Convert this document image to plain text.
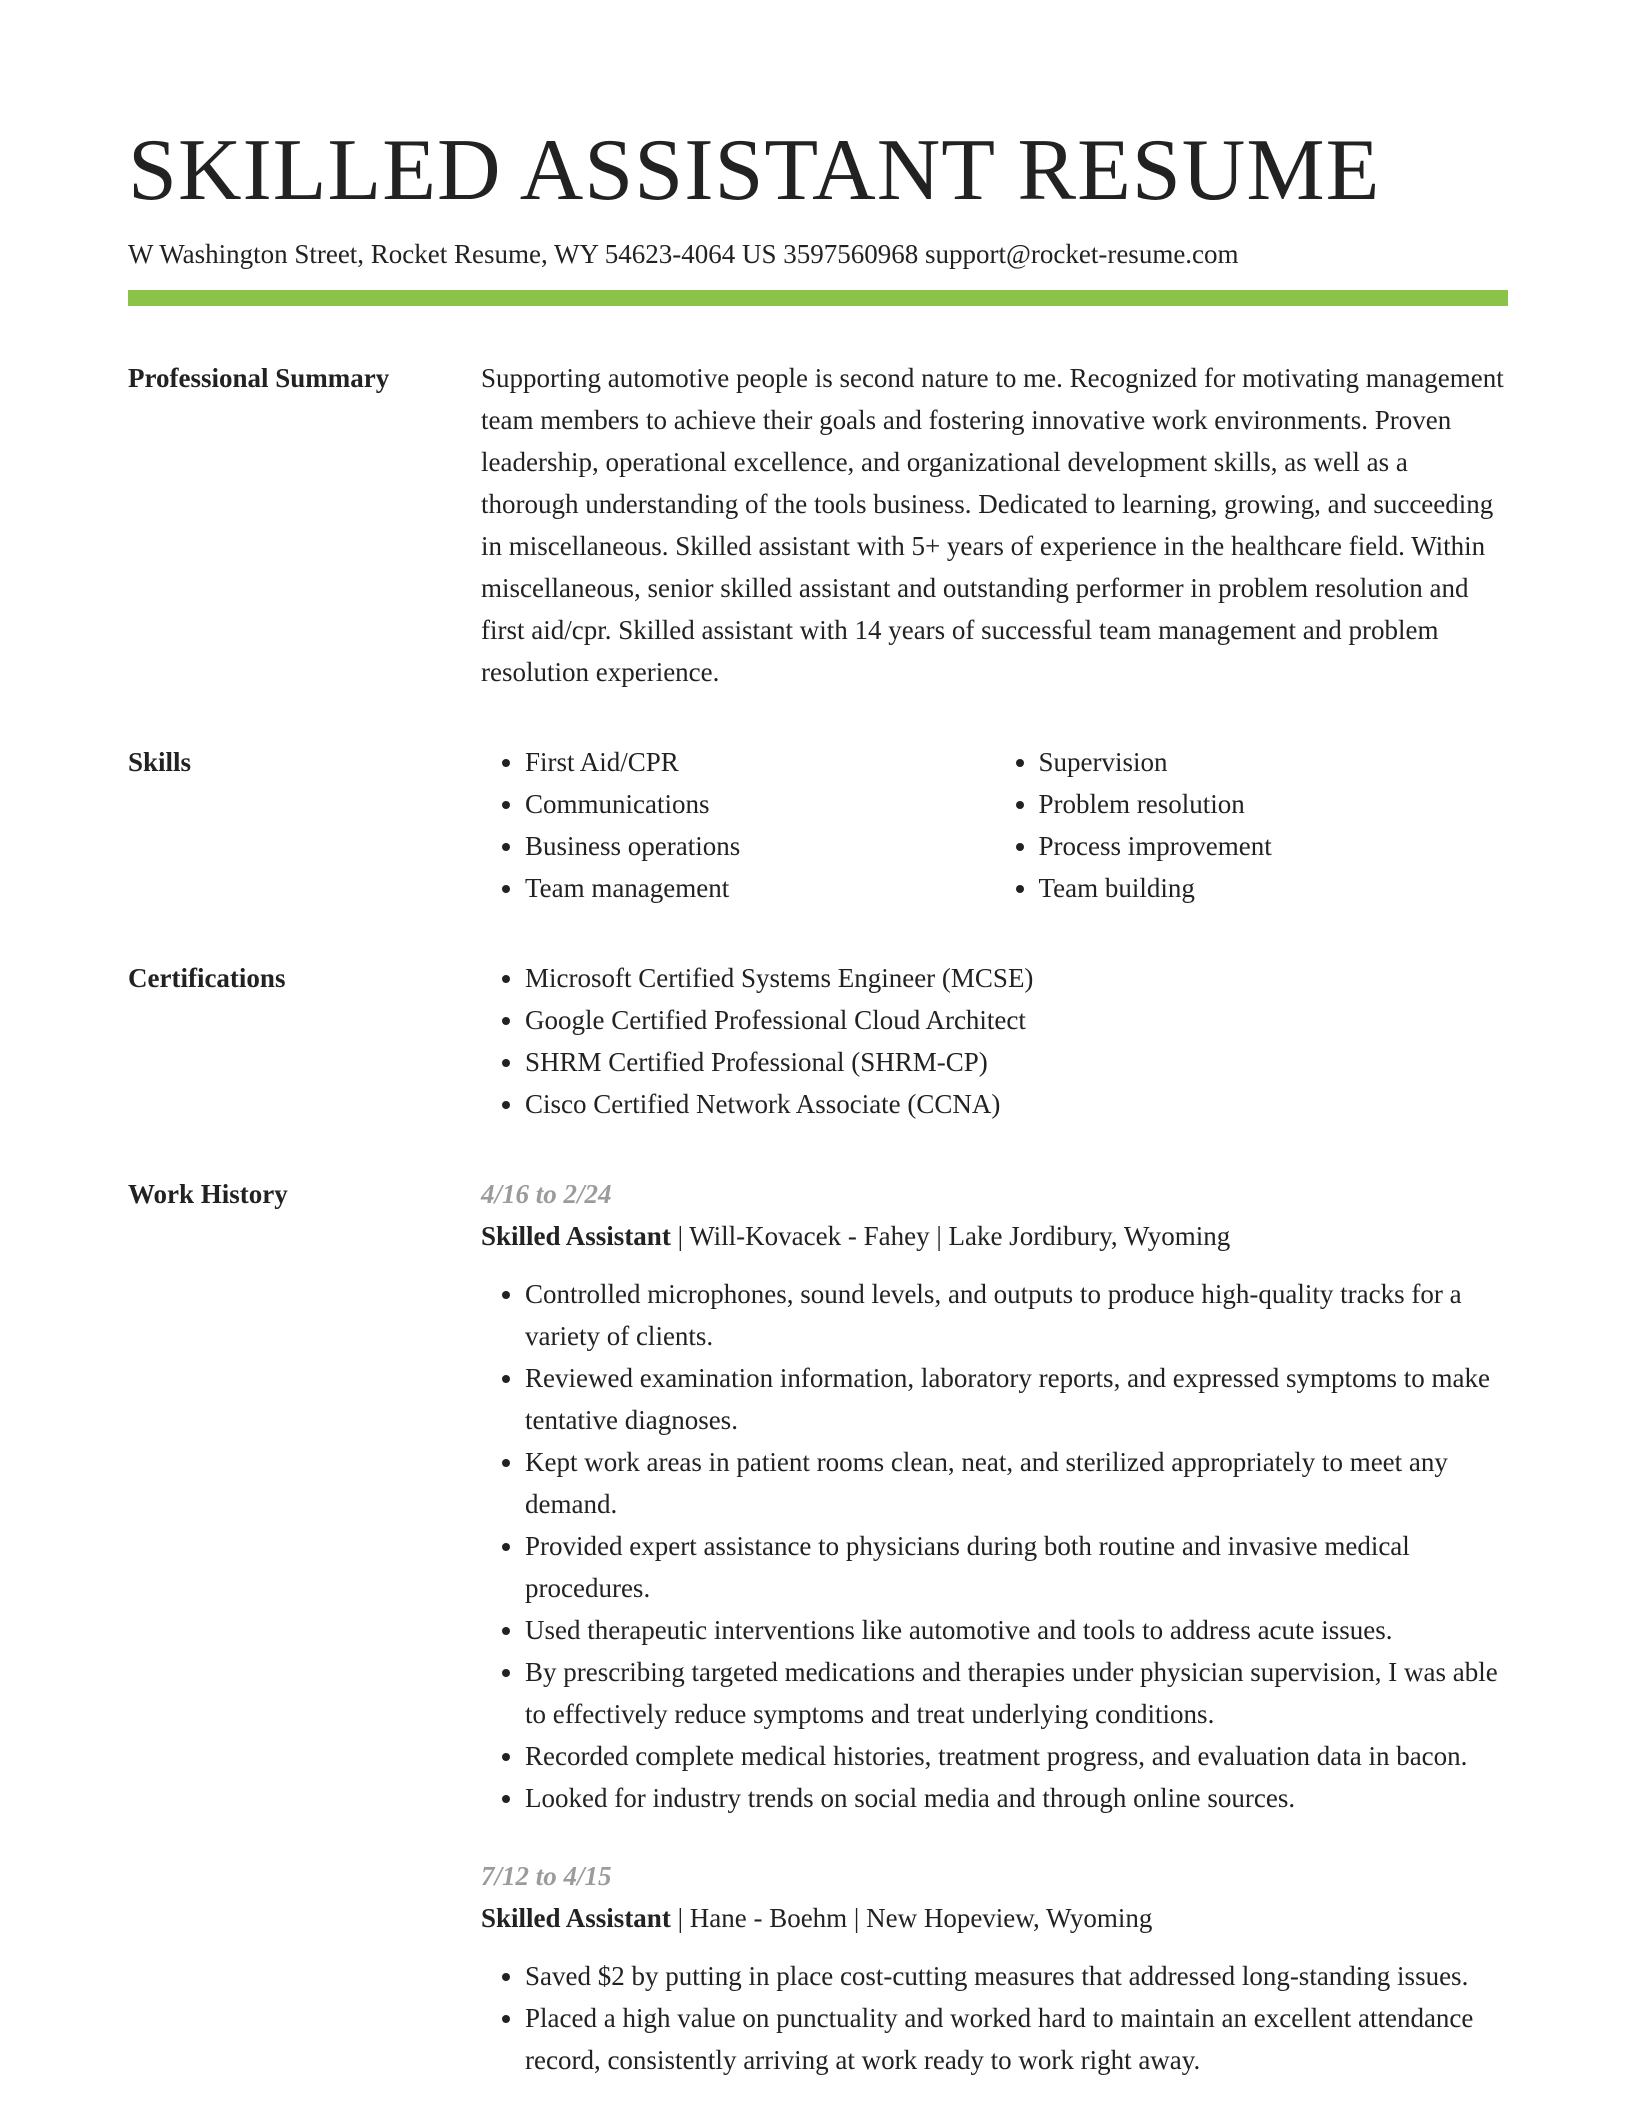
SKILLED ASSISTANT RESUME
W Washington Street, Rocket Resume, WY 54623-4064 US 3597560968 support@rocket-resume.com
Professional Summary	Supporting automotive people is second nature to me. Recognized for motivating management team members to achieve their goals and fostering innovative work environments. Proven leadership, operational excellence, and organizational development skills, as well as a thorough understanding of the tools business. Dedicated to learning, growing, and succeeding in miscellaneous. Skilled assistant with 5+ years of experience in the healthcare field. Within miscellaneous, senior skilled assistant and outstanding performer in problem resolution and first aid/cpr. Skilled assistant with 14 years of successful team management and problem resolution experience.

Skills	• First Aid/CPR
• Communications
• Business operations
• Team management
• Supervision
• Problem resolution
• Process improvement
• Team building
Certifications	• Microsoft Certified Systems Engineer (MCSE)
• Google Certified Professional Cloud Architect
• SHRM Certified Professional (SHRM-CP)
• Cisco Certified Network Associate (CCNA)
Work History	4/16 to 2/24
Skilled Assistant | Will-Kovacek - Fahey | Lake Jordibury, Wyoming
• Controlled microphones, sound levels, and outputs to produce high-quality tracks for a variety of clients.
• Reviewed examination information, laboratory reports, and expressed symptoms to make tentative diagnoses.
• Kept work areas in patient rooms clean, neat, and sterilized appropriately to meet any demand.
• Provided expert assistance to physicians during both routine and invasive medical procedures.
• Used therapeutic interventions like automotive and tools to address acute issues.
• By prescribing targeted medications and therapies under physician supervision, I was able to effectively reduce symptoms and treat underlying conditions.
• Recorded complete medical histories, treatment progress, and evaluation data in bacon.
• Looked for industry trends on social media and through online sources.
7/12 to 4/15
Skilled Assistant | Hane - Boehm | New Hopeview, Wyoming
• Saved $2 by putting in place cost-cutting measures that addressed long-standing issues.
• Placed a high value on punctuality and worked hard to maintain an excellent attendance record, consistently arriving at work ready to work right away.
